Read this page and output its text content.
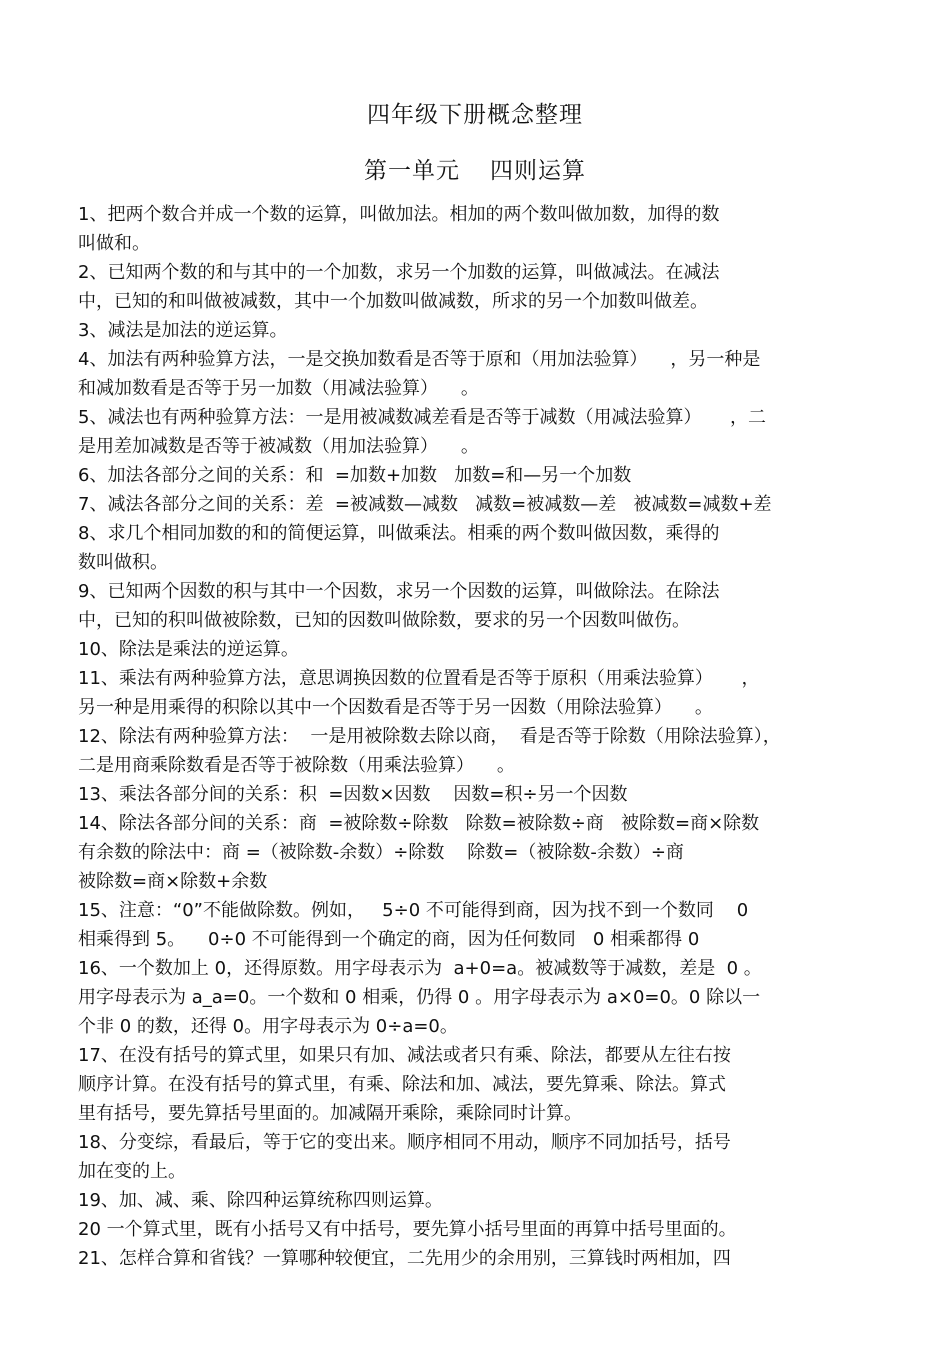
四年级下册概念整理
第一单元 四则运算
1、把两个数合并成一个数的运算，叫做加法。相加的两个数叫做加数，加得的数
叫做和。
2、已知两个数的和与其中的一个加数，求另一个加数的运算，叫做减法。在减法
中，已知的和叫做被减数，其中一个加数叫做减数，所求的另一个加数叫做差。
3、减法是加法的逆运算。
4、加法有两种验算方法，一是交换加数看是否等于原和（用加法验算）    ，另一种是
和减加数看是否等于另一加数（用减法验算）    。
5、减法也有两种验算方法：一是用被减数减差看是否等于减数（用减法验算）     ，二
是用差加减数是否等于被减数（用加法验算）    。
6、加法各部分之间的关系：和  =加数+加数   加数=和—另一个加数
7、减法各部分之间的关系：差  =被减数—减数   减数=被减数—差   被减数=减数+差
8、求几个相同加数的和的简便运算，叫做乘法。相乘的两个数叫做因数，乘得的
数叫做积。
9、已知两个因数的积与其中一个因数，求另一个因数的运算，叫做除法。在除法
中，已知的积叫做被除数，已知的因数叫做除数，要求的另一个因数叫做伤。
10、除法是乘法的逆运算。
11、乘法有两种验算方法，意思调换因数的位置看是否等于原积（用乘法验算）     ，
另一种是用乘得的积除以其中一个因数看是否等于另一因数（用除法验算）    。
12、除法有两种验算方法：  一是用被除数去除以商，  看是否等于除数（用除法验算），
二是用商乘除数看是否等于被除数（用乘法验算）    。
13、乘法各部分间的关系：积  =因数×因数    因数=积÷另一个因数
14、除法各部分间的关系：商  =被除数÷除数   除数=被除数÷商   被除数=商×除数
有余数的除法中：商 =（被除数-余数）÷除数    除数=（被除数-余数）÷商
被除数=商×除数+余数
15、注意：“0”不能做除数。例如，   5÷0 不可能得到商，因为找不到一个数同    0
相乘得到 5。    0÷0 不可能得到一个确定的商，因为任何数同   0 相乘都得 0
16、一个数加上 0，还得原数。用字母表示为  a+0=a。被减数等于减数，差是  0 。
用字母表示为 a_a=0。一个数和 0 相乘，仍得 0 。用字母表示为 a×0=0。0 除以一
个非 0 的数，还得 0。用字母表示为 0÷a=0。
17、在没有括号的算式里，如果只有加、减法或者只有乘、除法，都要从左往右按
顺序计算。在没有括号的算式里，有乘、除法和加、减法，要先算乘、除法。算式
里有括号，要先算括号里面的。加减隔开乘除，乘除同时计算。
18、分变综，看最后，等于它的变出来。顺序相同不用动，顺序不同加括号，括号
加在变的上。
19、加、减、乘、除四种运算统称四则运算。
20 一个算式里，既有小括号又有中括号，要先算小括号里面的再算中括号里面的。
21、怎样合算和省钱？一算哪种较便宜，二先用少的余用别，三算钱时两相加，四
